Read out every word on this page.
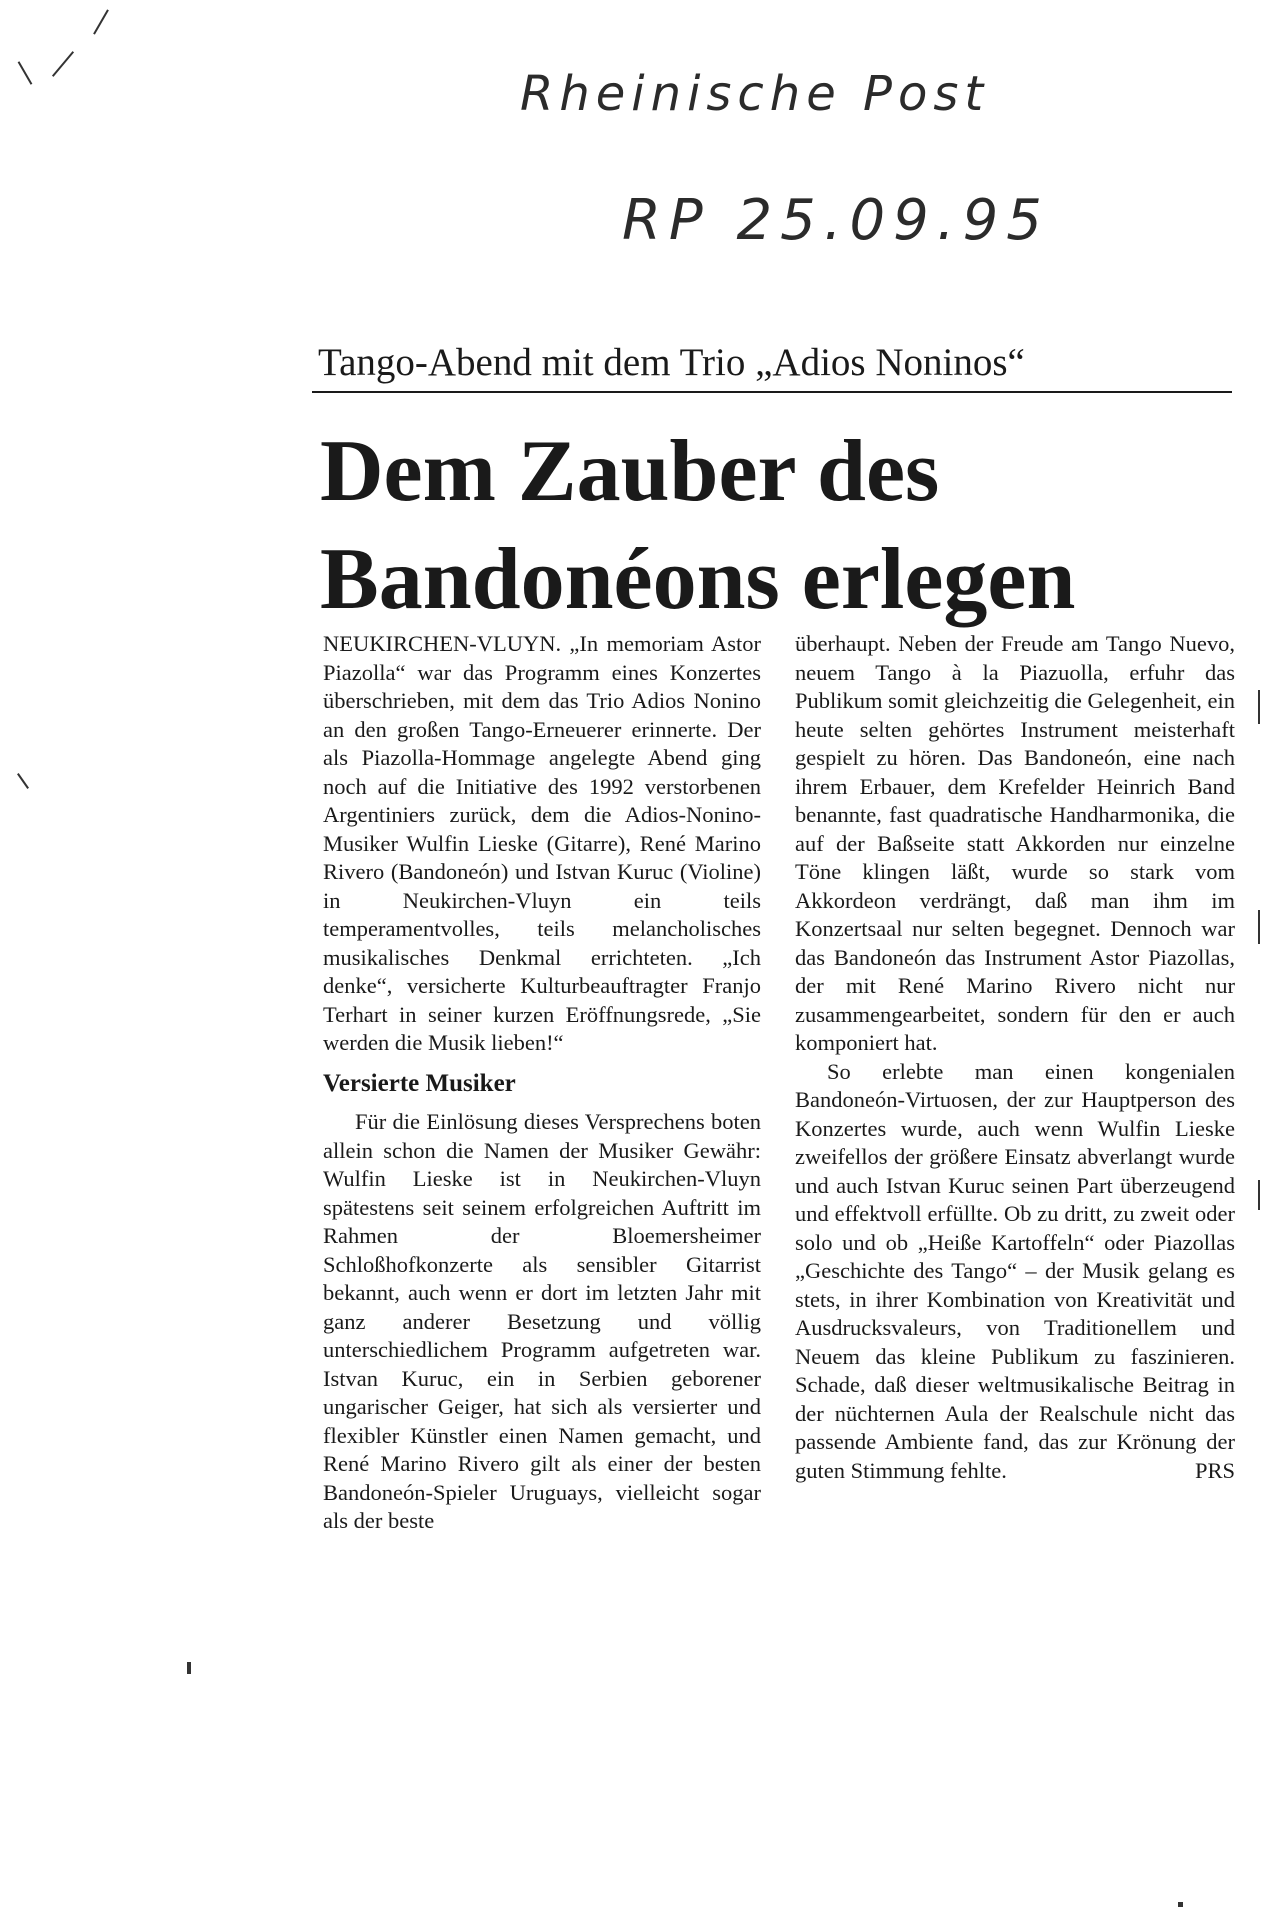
Rheinische Post
RP 25.09.95
Tango-Abend mit dem Trio „Adios Noninos“
Dem Zauber des
Bandonéons erlegen

NEUKIRCHEN-VLUYN. „In memoriam Astor Piazolla“ war das Programm eines Konzertes überschrieben, mit dem das Trio Adios Nonino an den großen Tango-Erneuerer erinnerte. Der als Piazolla-Hommage angelegte Abend ging noch auf die Initiative des 1992 verstorbenen Argentiniers zurück, dem die Adios-Nonino-Musiker Wulfin Lieske (Gitarre), René Marino Rivero (Bandoneón) und Istvan Kuruc (Violine) in Neukirchen-Vluyn ein teils temperamentvolles, teils melancholisches musikalisches Denkmal errichteten. „Ich denke“, versicherte Kulturbeauftragter Franjo Terhart in seiner kurzen Eröffnungsrede, „Sie werden die Musik lieben!“

Versierte Musiker

Für die Einlösung dieses Versprechens boten allein schon die Namen der Musiker Gewähr: Wulfin Lieske ist in Neukirchen-Vluyn spätestens seit seinem erfolgreichen Auftritt im Rahmen der Bloemersheimer Schloßhofkonzerte als sensibler Gitarrist bekannt, auch wenn er dort im letzten Jahr mit ganz anderer Besetzung und völlig unterschiedlichem Programm aufgetreten war. Istvan Kuruc, ein in Serbien geborener ungarischer Geiger, hat sich als versierter und flexibler Künstler einen Namen gemacht, und René Marino Rivero gilt als einer der besten Bandoneón-Spieler Uruguays, vielleicht sogar als der beste

überhaupt. Neben der Freude am Tango Nuevo, neuem Tango à la Piazuolla, erfuhr das Publikum somit gleichzeitig die Gelegenheit, ein heute selten gehörtes Instrument meisterhaft gespielt zu hören. Das Bandoneón, eine nach ihrem Erbauer, dem Krefelder Heinrich Band benannte, fast quadratische Handharmonika, die auf der Baßseite statt Akkorden nur einzelne Töne klingen läßt, wurde so stark vom Akkordeon verdrängt, daß man ihm im Konzertsaal nur selten begegnet. Dennoch war das Bandoneón das Instrument Astor Piazollas, der mit René Marino Rivero nicht nur zusammengearbeitet, sondern für den er auch komponiert hat.

So erlebte man einen kongenialen Bandoneón-Virtuosen, der zur Hauptperson des Konzertes wurde, auch wenn Wulfin Lieske zweifellos der größere Einsatz abverlangt wurde und auch Istvan Kuruc seinen Part überzeugend und effektvoll erfüllte. Ob zu dritt, zu zweit oder solo und ob „Heiße Kartoffeln“ oder Piazollas „Geschichte des Tango“ – der Musik gelang es stets, in ihrer Kombination von Kreativität und Ausdrucksvaleurs, von Traditionellem und Neuem das kleine Publikum zu faszinieren. Schade, daß dieser weltmusikalische Beitrag in der nüchternen Aula der Realschule nicht das passende Ambiente fand, das zur Krönung der guten Stimmung fehlte.	PRS
